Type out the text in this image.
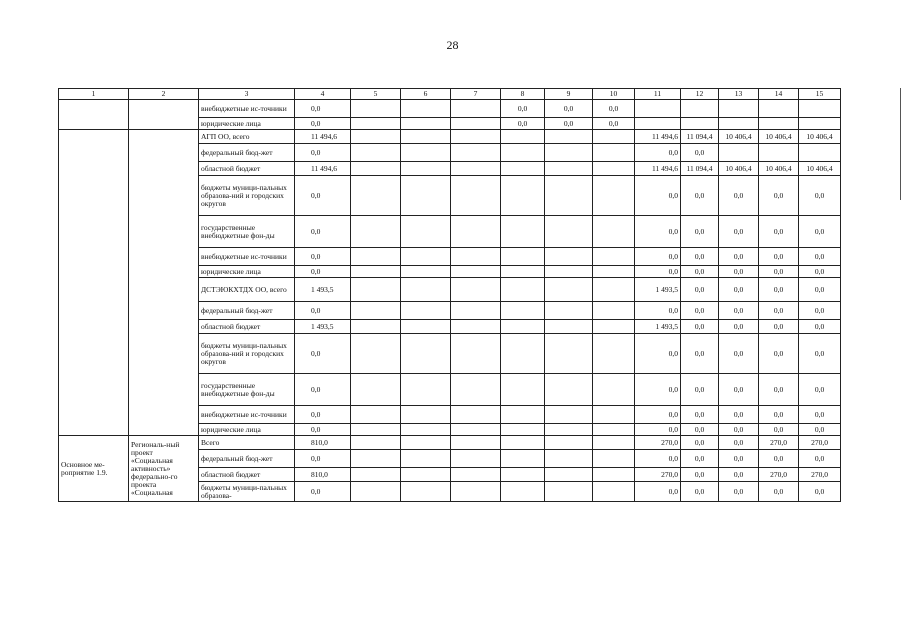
28
1	2	3	4	5	6	7	8	9	10	11	12	13	14	15
		внебюджетные ис-точники	0,0				0,0	0,0	0,0					
		юридические лица	0,0				0,0	0,0	0,0					
		АГП ОО, всего	11 494,6							11 494,6	11 094,4	10 406,4	10 406,4	10 406,4
		федеральный бюд-жет	0,0							0,0	0,0			
		областной бюджет	11 494,6							11 494,6	11 094,4	10 406,4	10 406,4	10 406,4
		бюджеты муници-пальных образова-ний и городских округов	0,0							0,0	0,0	0,0	0,0	0,0
		государственные внебюджетные фон-ды	0,0							0,0	0,0	0,0	0,0	0,0
		внебюджетные ис-точники	0,0							0,0	0,0	0,0	0,0	0,0
		юридические лица	0,0							0,0	0,0	0,0	0,0	0,0
		ДСТЭЮКХТДХ ОО, всего	1 493,5							1 493,5	0,0	0,0	0,0	0,0
		федеральный бюд-жет	0,0							0,0	0,0	0,0	0,0	0,0
		областной бюджет	1 493,5							1 493,5	0,0	0,0	0,0	0,0
		бюджеты муници-пальных образова-ний и городских округов	0,0							0,0	0,0	0,0	0,0	0,0
		государственные внебюджетные фон-ды	0,0							0,0	0,0	0,0	0,0	0,0
		внебюджетные ис-точники	0,0							0,0	0,0	0,0	0,0	0,0
		юридические лица	0,0							0,0	0,0	0,0	0,0	0,0
Основное ме-роприятие 1.9.	Региональ-ный проект «Социальная активность» федерально-го проекта «Социальная	Всего	810,0							270,0	0,0	0,0	270,0	270,0
		федеральный бюд-жет	0,0							0,0	0,0	0,0	0,0	0,0
		областной бюджет	810,0							270,0	0,0	0,0	270,0	270,0
		бюджеты муници-пальных образова-	0,0							0,0	0,0	0,0	0,0	0,0
